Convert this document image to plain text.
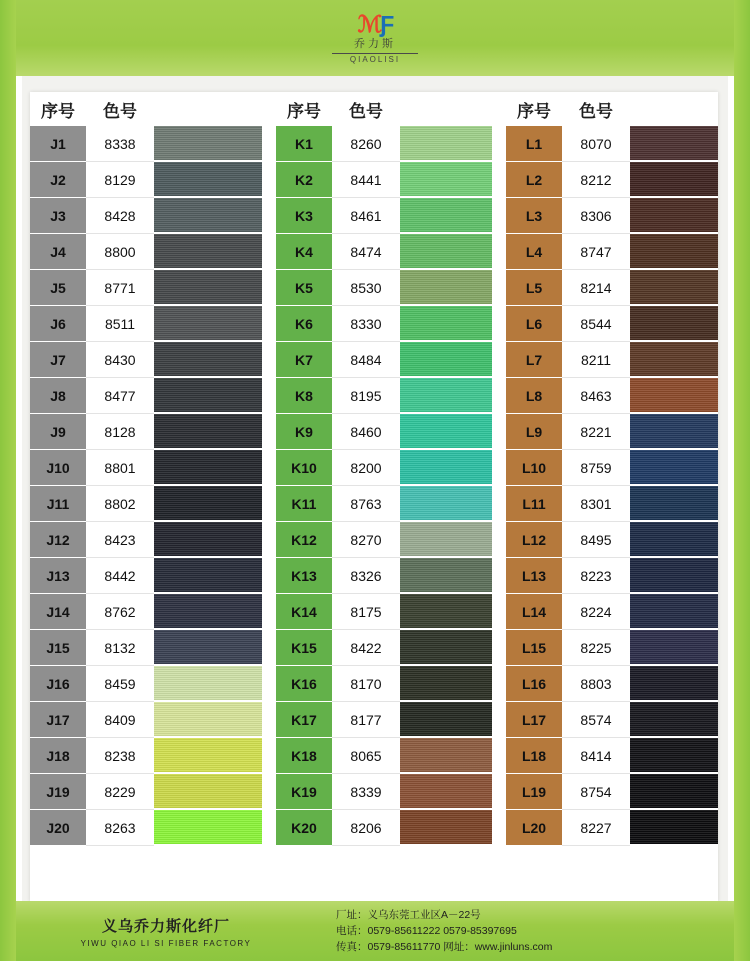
ℳƑ
乔力斯
QIAOLISI
序号	色号
J1	8338
J2	8129
J3	8428
J4	8800
J5	8771
J6	8511
J7	8430
J8	8477
J9	8128
J10	8801
J11	8802
J12	8423
J13	8442
J14	8762
J15	8132
J16	8459
J17	8409
J18	8238
J19	8229
J20	8263
序号	色号
K1	8260
K2	8441
K3	8461
K4	8474
K5	8530
K6	8330
K7	8484
K8	8195
K9	8460
K10	8200
K11	8763
K12	8270
K13	8326
K14	8175
K15	8422
K16	8170
K17	8177
K18	8065
K19	8339
K20	8206
序号	色号
L1	8070
L2	8212
L3	8306
L4	8747
L5	8214
L6	8544
L7	8211
L8	8463
L9	8221
L10	8759
L11	8301
L12	8495
L13	8223
L14	8224
L15	8225
L16	8803
L17	8574
L18	8414
L19	8754
L20	8227
义乌乔力斯化纤厂
YIWU QIAO LI SI FIBER FACTORY
厂址：义乌东莞工业区A－22号
电话：0579-85611222 0579-85397695
传真：0579-85611770 网址：www.jinluns.com
